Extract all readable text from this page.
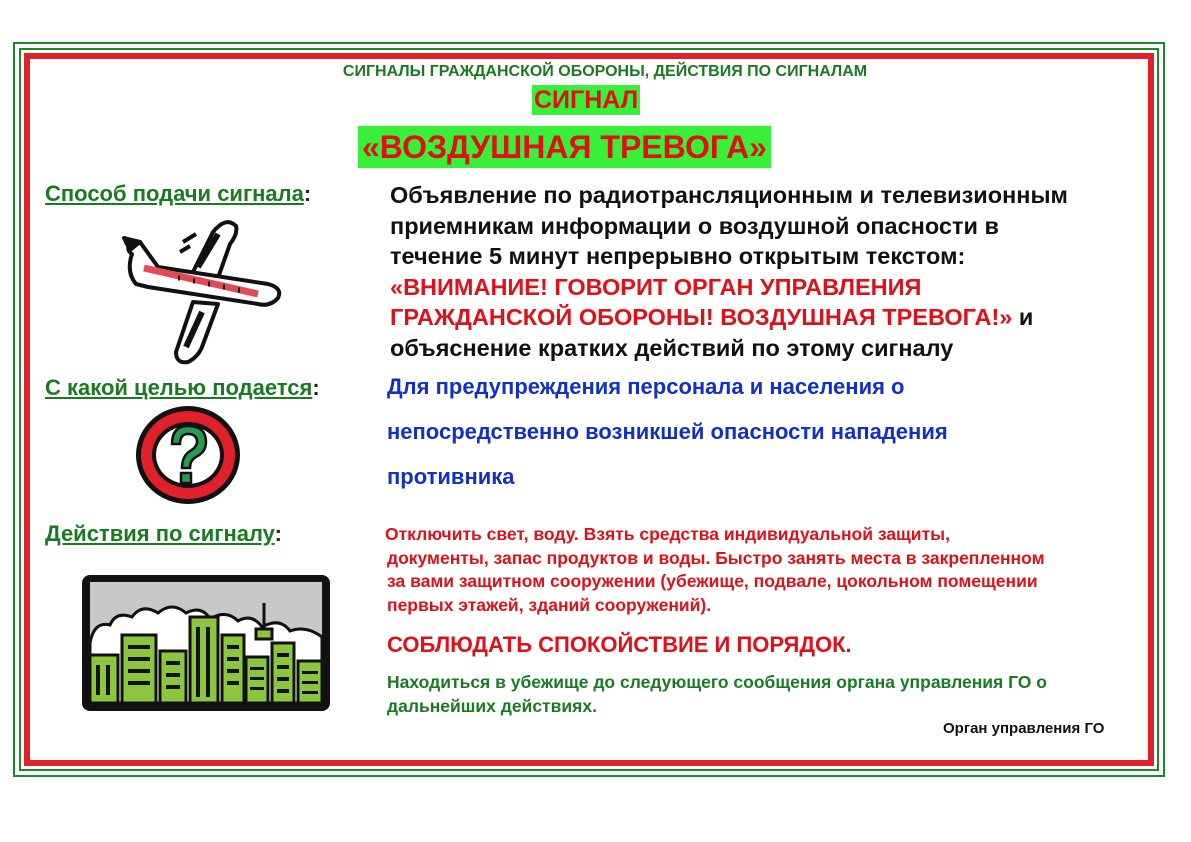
СИГНАЛЫ ГРАЖДАНСКОЙ ОБОРОНЫ, ДЕЙСТВИЯ ПО СИГНАЛАМ
СИГНАЛ
«ВОЗДУШНАЯ ТРЕВОГА»
Способ подачи сигнала:	Объявление по радиотрансляционным и телевизионным
приемникам информации о воздушной опасности в
течение 5 минут непрерывно открытым текстом:
«ВНИМАНИЕ! ГОВОРИТ ОРГАН УПРАВЛЕНИЯ
ГРАЖДАНСКОЙ ОБОРОНЫ! ВОЗДУШНАЯ ТРЕВОГА!» и
объяснение кратких действий по этому сигналу
С какой целью подается:	Для предупреждения персонала и населения о
непосредственно возникшей опасности нападения
противника
Действия по сигналу:	Отключить свет, воду. Взять средства индивидуальной защиты,
документы, запас продуктов и воды. Быстро занять места в закрепленном
за вами защитном сооружении (убежище, подвале, цокольном помещении
первых этажей, зданий сооружений).
СОБЛЮДАТЬ СПОКОЙСТВИЕ И ПОРЯДОК.
Находиться в убежище до следующего сообщения органа управления ГО о
дальнейших действиях.
Орган управления ГО
